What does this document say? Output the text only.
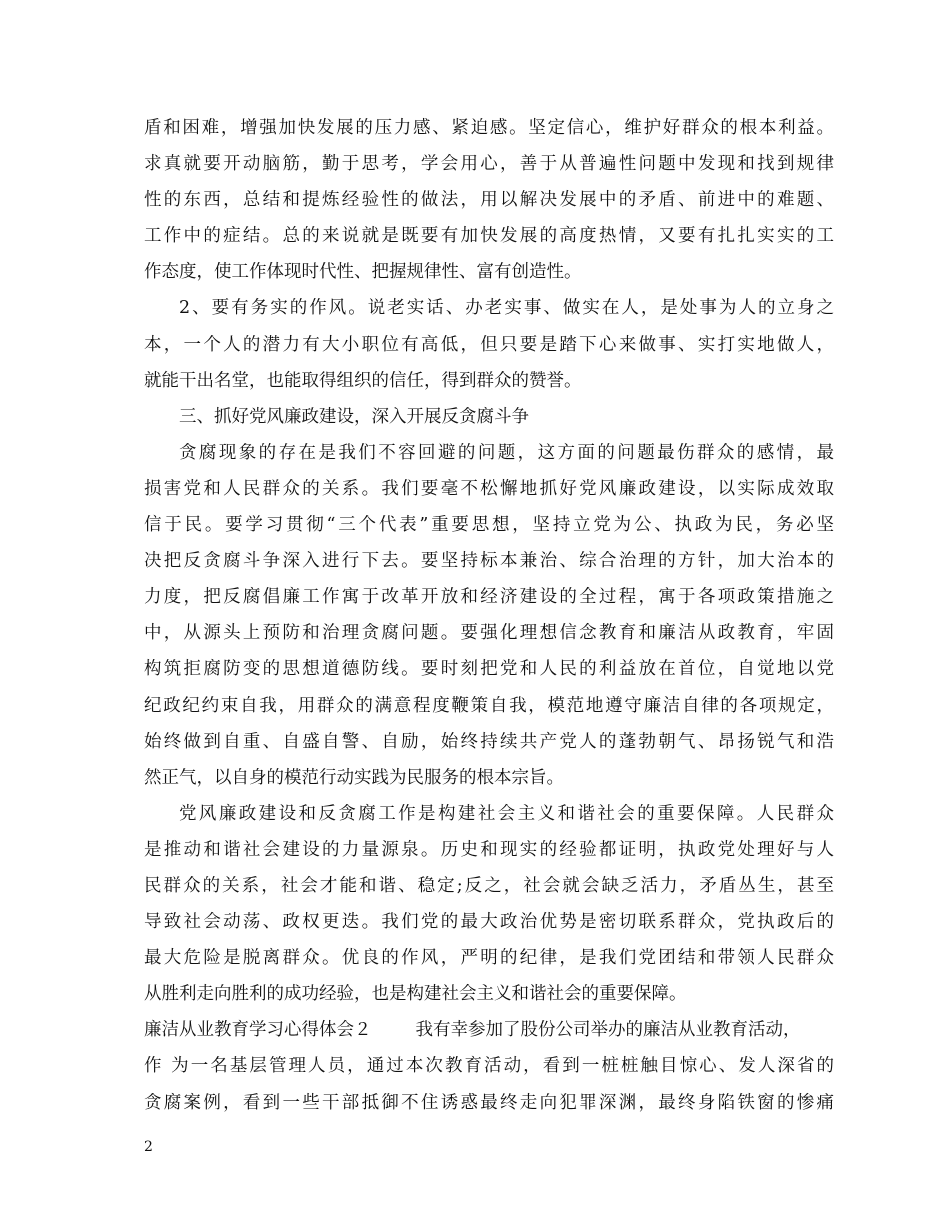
盾和困难，增强加快发展的压力感、紧迫感。坚定信心，维护好群众的根本利益。
求真就要开动脑筋，勤于思考，学会用心，善于从普遍性问题中发现和找到规律
性的东西，总结和提炼经验性的做法，用以解决发展中的矛盾、前进中的难题、
工作中的症结。总的来说就是既要有加快发展的高度热情，又要有扎扎实实的工
作态度，使工作体现时代性、把握规律性、富有创造性。
2、要有务实的作风。说老实话、办老实事、做实在人，是处事为人的立身之
本，一个人的潜力有大小职位有高低，但只要是踏下心来做事、实打实地做人，
就能干出名堂，也能取得组织的信任，得到群众的赞誉。
三、抓好党风廉政建设，深入开展反贪腐斗争
贪腐现象的存在是我们不容回避的问题，这方面的问题最伤群众的感情，最
损害党和人民群众的关系。我们要毫不松懈地抓好党风廉政建设，以实际成效取
信于民。要学习贯彻“三个代表”重要思想，坚持立党为公、执政为民，务必坚
决把反贪腐斗争深入进行下去。要坚持标本兼治、综合治理的方针，加大治本的
力度，把反腐倡廉工作寓于改革开放和经济建设的全过程，寓于各项政策措施之
中，从源头上预防和治理贪腐问题。要强化理想信念教育和廉洁从政教育，牢固
构筑拒腐防变的思想道德防线。要时刻把党和人民的利益放在首位，自觉地以党
纪政纪约束自我，用群众的满意程度鞭策自我，模范地遵守廉洁自律的各项规定，
始终做到自重、自盛自警、自励，始终持续共产党人的蓬勃朝气、昂扬锐气和浩
然正气，以自身的模范行动实践为民服务的根本宗旨。
党风廉政建设和反贪腐工作是构建社会主义和谐社会的重要保障。人民群众
是推动和谐社会建设的力量源泉。历史和现实的经验都证明，执政党处理好与人
民群众的关系，社会才能和谐、稳定;反之，社会就会缺乏活力，矛盾丛生，甚至
导致社会动荡、政权更迭。我们党的最大政治优势是密切联系群众，党执政后的
最大危险是脱离群众。优良的作风，严明的纪律，是我们党团结和带领人民群众
从胜利走向胜利的成功经验，也是构建社会主义和谐社会的重要保障。
廉洁从业教育学习心得体会２	我有幸参加了股份公司举办的廉洁从业教育活动，
作 为一名基层管理人员，通过本次教育活动，看到一桩桩触目惊心、发人深省的
贪腐案例，看到一些干部抵御不住诱惑最终走向犯罪深渊，最终身陷铁窗的惨痛
2
